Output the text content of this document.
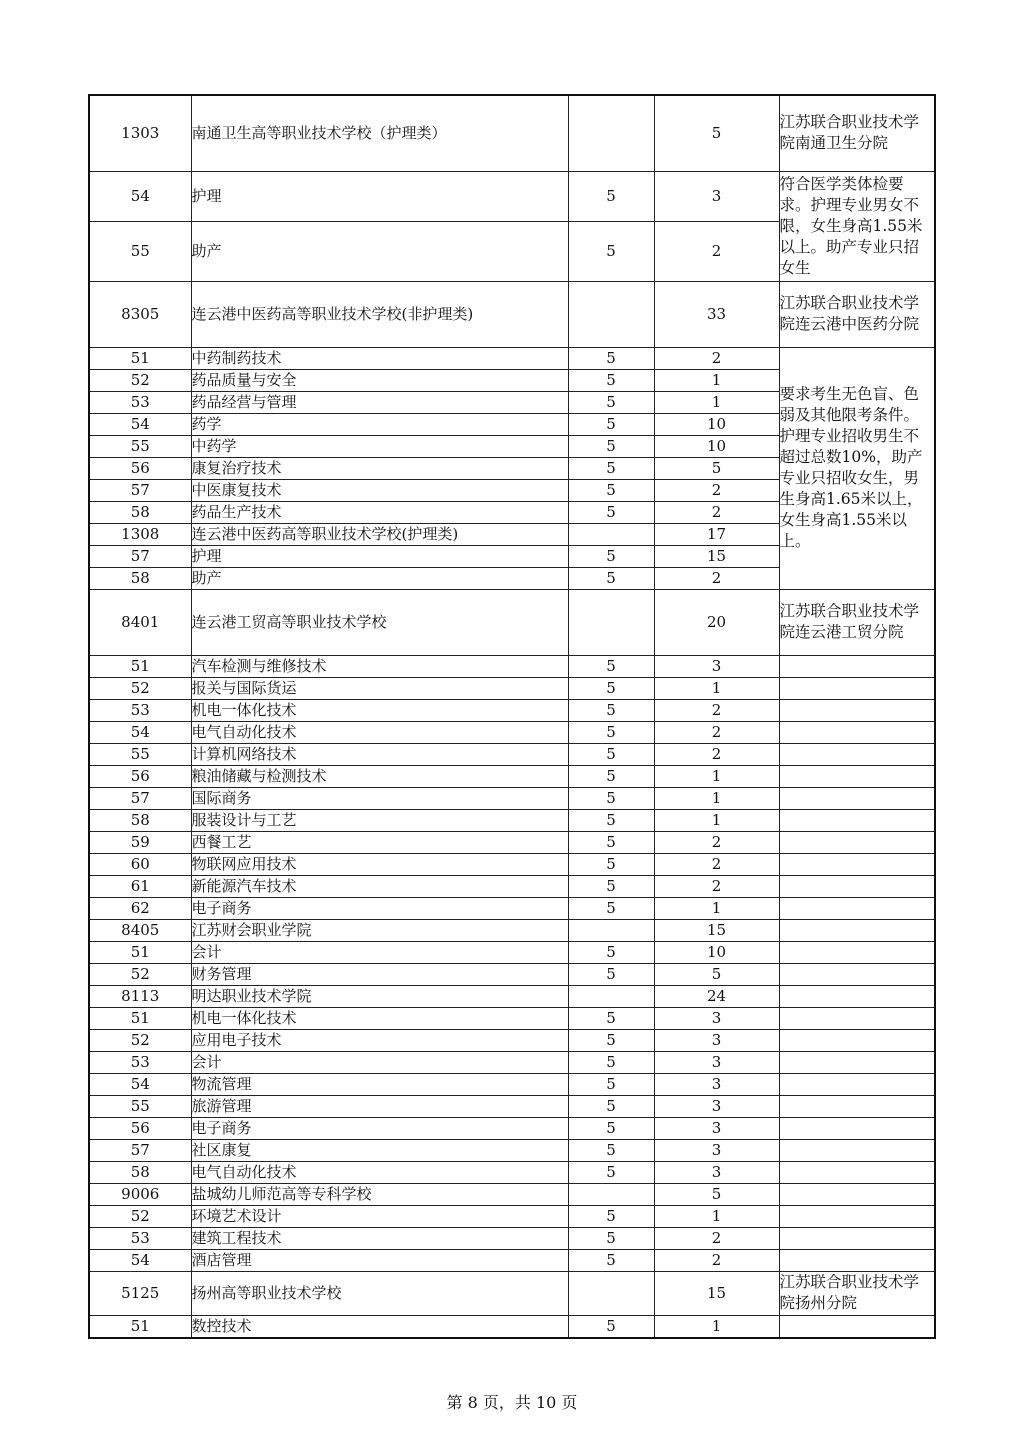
1303	南通卫生高等职业技术学校（护理类）		5	江苏联合职业技术学院南通卫生分院
54	护理	5	3	符合医学类体检要求。护理专业男女不限，女生身高1.55米以上。助产专业只招女生
55	助产	5	2	
8305	连云港中医药高等职业技术学校(非护理类)		33	江苏联合职业技术学院连云港中医药分院
51	中药制药技术	5	2	要求考生无色盲、色弱及其他限考条件。护理专业招收男生不超过总数10%，助产专业只招收女生，男生身高1.65米以上，女生身高1.55米以上。
52	药品质量与安全	5	1	
53	药品经营与管理	5	1	
54	药学	5	10	
55	中药学	5	10	
56	康复治疗技术	5	5	
57	中医康复技术	5	2	
58	药品生产技术	5	2	
1308	连云港中医药高等职业技术学校(护理类)		17	
57	护理	5	15	
58	助产	5	2	
8401	连云港工贸高等职业技术学校		20	江苏联合职业技术学院连云港工贸分院
51	汽车检测与维修技术	5	3	
52	报关与国际货运	5	1	
53	机电一体化技术	5	2	
54	电气自动化技术	5	2	
55	计算机网络技术	5	2	
56	粮油储藏与检测技术	5	1	
57	国际商务	5	1	
58	服装设计与工艺	5	1	
59	西餐工艺	5	2	
60	物联网应用技术	5	2	
61	新能源汽车技术	5	2	
62	电子商务	5	1	
8405	江苏财会职业学院		15	
51	会计	5	10	
52	财务管理	5	5	
8113	明达职业技术学院		24	
51	机电一体化技术	5	3	
52	应用电子技术	5	3	
53	会计	5	3	
54	物流管理	5	3	
55	旅游管理	5	3	
56	电子商务	5	3	
57	社区康复	5	3	
58	电气自动化技术	5	3	
9006	盐城幼儿师范高等专科学校		5	
52	环境艺术设计	5	1	
53	建筑工程技术	5	2	
54	酒店管理	5	2	
5125	扬州高等职业技术学校		15	江苏联合职业技术学院扬州分院
51	数控技术	5	1	
第 8 页，共 10 页
